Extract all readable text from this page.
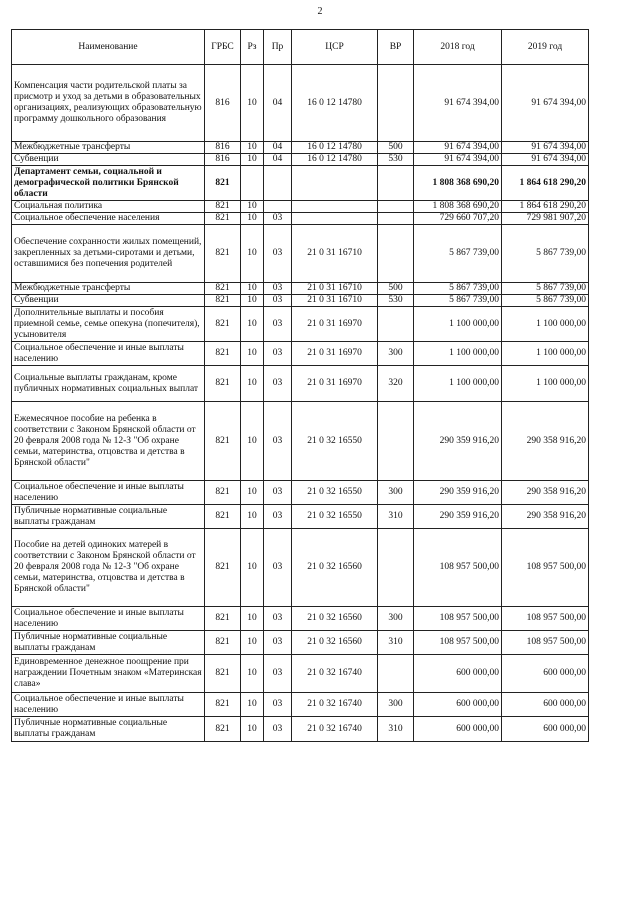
2
Наименование	ГРБС	Рз	Пр	ЦСР	ВР	2018 год	2019 год
Компенсация части родительской платы за присмотр и уход за детьми в образовательных организациях, реализующих образовательную программу дошкольного образования	816	10	04	16 0 12 14780		91 674 394,00	91 674 394,00
Межбюджетные трансферты	816	10	04	16 0 12 14780	500	91 674 394,00	91 674 394,00
Субвенции	816	10	04	16 0 12 14780	530	91 674 394,00	91 674 394,00
Департамент семьи, социальной и демографической политики Брянской области	821					1 808 368 690,20	1 864 618 290,20
Социальная политика	821	10				1 808 368 690,20	1 864 618 290,20
Социальное обеспечение населения	821	10	03			729 660 707,20	729 981 907,20
Обеспечение сохранности жилых помещений, закрепленных за детьми-сиротами и детьми, оставшимися без попечения родителей	821	10	03	21 0 31 16710		5 867 739,00	5 867 739,00
Межбюджетные трансферты	821	10	03	21 0 31 16710	500	5 867 739,00	5 867 739,00
Субвенции	821	10	03	21 0 31 16710	530	5 867 739,00	5 867 739,00
Дополнительные выплаты и пособия приемной семье, семье опекуна (попечителя), усыновителя	821	10	03	21 0 31 16970		1 100 000,00	1 100 000,00
Социальное обеспечение и иные выплаты населению	821	10	03	21 0 31 16970	300	1 100 000,00	1 100 000,00
Социальные выплаты гражданам, кроме публичных нормативных социальных выплат	821	10	03	21 0 31 16970	320	1 100 000,00	1 100 000,00
Ежемесячное пособие на ребенка в соответствии с Законом Брянской области от 20 февраля 2008 года № 12-З "Об охране семьи, материнства, отцовства и детства в Брянской области"	821	10	03	21 0 32 16550		290 359 916,20	290 358 916,20
Социальное обеспечение и иные выплаты населению	821	10	03	21 0 32 16550	300	290 359 916,20	290 358 916,20
Публичные нормативные социальные выплаты гражданам	821	10	03	21 0 32 16550	310	290 359 916,20	290 358 916,20
Пособие на детей одиноких матерей в соответствии с Законом Брянской области от 20 февраля 2008 года № 12-З "Об охране семьи, материнства, отцовства и детства в Брянской области"	821	10	03	21 0 32 16560		108 957 500,00	108 957 500,00
Социальное обеспечение и иные выплаты населению	821	10	03	21 0 32 16560	300	108 957 500,00	108 957 500,00
Публичные нормативные социальные выплаты гражданам	821	10	03	21 0 32 16560	310	108 957 500,00	108 957 500,00
Единовременное денежное поощрение при награждении Почетным знаком «Материнская слава»	821	10	03	21 0 32 16740		600 000,00	600 000,00
Социальное обеспечение и иные выплаты населению	821	10	03	21 0 32 16740	300	600 000,00	600 000,00
Публичные нормативные социальные выплаты гражданам	821	10	03	21 0 32 16740	310	600 000,00	600 000,00
